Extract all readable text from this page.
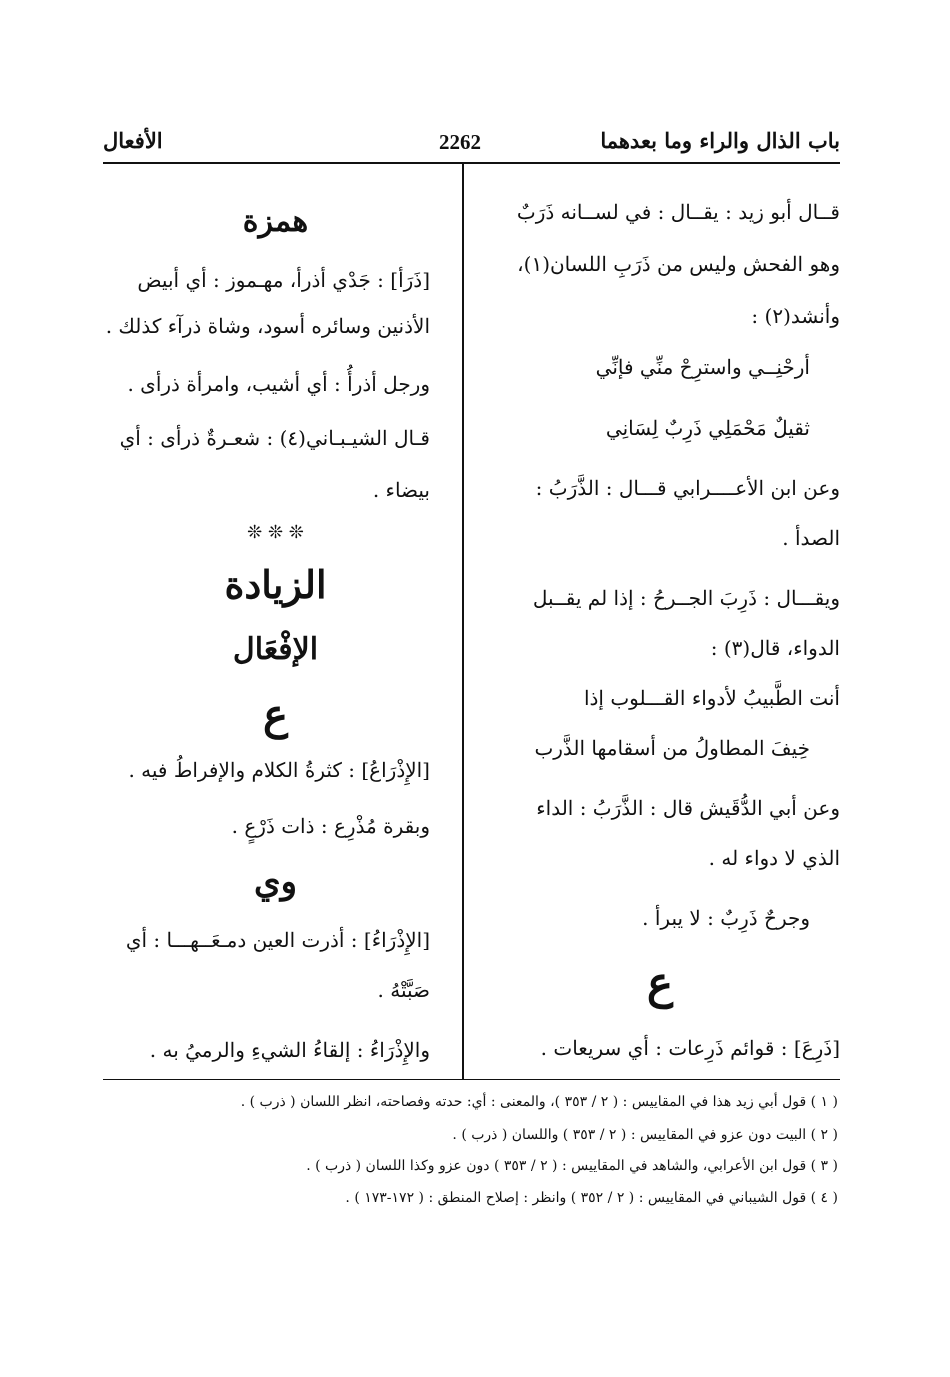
باب الذال والراء وما بعدهما
2262
الأفعال

قــال أبو زيد : يقــال : في لســانه ذَرَبٌ

وهو الفحش وليس من ذَرَبِ اللسان(١)،

وأنشد(٢) :

أرحْنِــي واسترِحْ منِّي فإنِّي

ثقيلٌ مَحْمَلِي ذَرِبٌ لِسَانِي

وعن ابن الأعــــرابي قـــال : الذَّرَبُ :

الصدأ .

ويقـــال : ذَرِبَ الجــرحُ : إذا لم يقــبل

الدواء، قال(٣) :

أنت الطَّبيبُ لأدواء القـــلوب إذا

خِيفَ المطاولُ من أسقامها الذَّرب

وعن أبي الدُّقَيش قال : الذَّرَبُ : الداء

الذي لا دواء له .

وجرحٌ ذَرِبٌ : لا يبرأ .

ع

[ذَرِعَ] : قوائم ذَرِعات : أي سريعات .

همزة

[ذَرَأ] : جَدْي أذرأ، مهـموز : أي أبيض

الأذنين وسائره أسود، وشاة ذرآء كذلك .

ورجل أذرأُ : أي أشيب، وامرأة ذرأى .

قـال الشيـبـاني(٤) : شعـرةٌ ذرأى : أي

بيضاء .

❊ ❊ ❊
الزيادة
الإفْعَال
ع

[الإِذْرَاعُ] : كثرةُ الكلام والإفراطُ فيه .

وبقرة مُذْرِع : ذات ذَرْعٍ .

وي

[الإِذْرَاءُ] : أذرت العين دمـعَــهـــا : أي

صَبَّتْهُ .

والإِذْرَاءُ : إلقاءُ الشيءِ والرميُ به .

( ١ ) قول أبي زيد هذا في المقاييس : ( ٢ / ٣٥٣ )، والمعنى : أي: حدته وفصاحته، انظر اللسان ( ذرب ) .

( ٢ ) البيت دون عزو في المقاييس : ( ٢ / ٣٥٣ ) واللسان ( ذرب ) .

( ٣ ) قول ابن الأعرابي، والشاهد في المقاييس : ( ٢ / ٣٥٣ ) دون عزو وكذا اللسان ( ذرب ) .

( ٤ ) قول الشيباني في المقاييس : ( ٢ / ٣٥٢ ) وانظر : إصلاح المنطق : ( ١٧٢-١٧٣ ) .
